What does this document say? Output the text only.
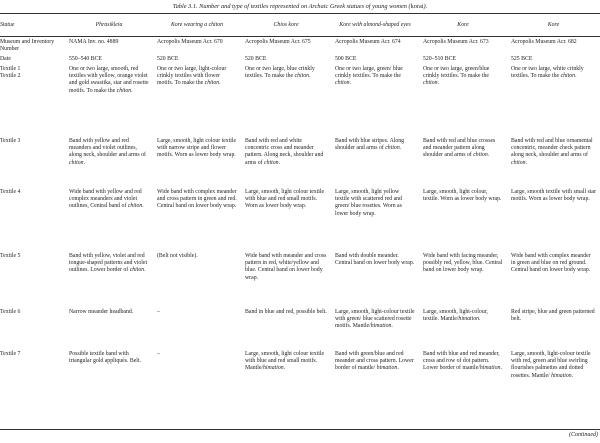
Table 3.1. Number and type of textiles represented on Archaic Greek statues of young women (korai).
Statue	Phrasikleia	Kore wearing a chiton	Chios kore	Kore with almond-shaped eyes	Kore	Kore
Museum and Inventory Number	NAMA Inv. no. 4889	Acropolis Museum Acr. 670	Acropolis Museum Acr. 675	Acropolis Museum Acr. 674	Acropolis Museum Acr. 673	Acropolis Museum Acr. 682
Date	550–540 BCE	520 BCE	520 BCE	500 BCE	520–510 BCE	525 BCE

Textile 1
Textile 2	One or two large, smooth, red textiles with yellow, orange violet and gold swastika, star and rosette motifs. To make the chiton.	One or two large, light-colour crinkly textiles with flower motifs. To make the chiton.	One or two large, blue crinkly textiles. To make the chiton.	One or two large, green/ blue crinkly textiles. To make the chiton.	One or two large, green/blue crinkly textiles. To make the chiton.	One or two large, white crinkly textiles. To make the chiton.
Textile 3	Band with yellow and red meanders and violet outlines, along neck, shoulder and arms of chiton.	Large, smooth, light colour textile with narrow stripe and flower motifs. Worn as lower body wrap.	Band with red and white concentric cross and meander pattern. Along neck, shoulder and arms of chiton.	Band with blue stripes. Along shoulder and arms of chiton.	Band with red and blue crosses and meander pattern along shoulder and arms of chiton.	Band with red and blue ornamental concentric, meander check pattern along neck, shoulder and arms of chiton.
Textile 4	Wide band with yellow and red complex meanders and violet outlines, Central band of chiton.	Wide band with complex meander and cross pattern in green and red. Central band on lower body wrap.	Large, smooth, light colour textile with blue and red small motifs. Worn as lower body wrap.	Large, smooth, light yellow textile with scattered red and green/ blue rosettes. Worn as lower body wrap.	Large, smooth, light colour, textile. Worn as lower body wrap.	Large, smooth textile with small star motifs. Worn as lower body wrap.
Textile 5	Band with yellow, violet and red tongue-shaped patterns and violet outlines. Lower border of chiton.	(Belt not visible).	Wide band with meander and cross pattern in red, white/yellow and blue. Central band on lower body wrap.	Band with double meander. Central band on lower body wrap.	Wide band with facing meander, possibly red, yellow, blue. Central band on lower body wrap.	Wide band with complex meander in green and blue on red ground. Central band on lower body wrap.
Textile 6	Narrow meander headband.	–	Band in blue and red, possible belt.	Large, smooth, light-colour textile with green/ blue scattered rosette motifs. Mantle/himation.	Large, smooth, light-colour, textile. Mantle/himation.	Red stripe, blue and green patterned belt.
Textile 7	Possible textile band with triangular gold appliqués. Belt.	–	Large, smooth, light colour textile with blue and red small motifs. Mantle/himation.	Band with green/blue and red meander and cross pattern. Lower border of mantle/ himation.	Band with blue and red meander, cross and row of dot pattern. Lower border of mantle/himation.	Large, smooth, light-colour textile with red, green and blue swirling flourishes palmettes and dotted rosettes. Mantle/ himation.
(Continued)
